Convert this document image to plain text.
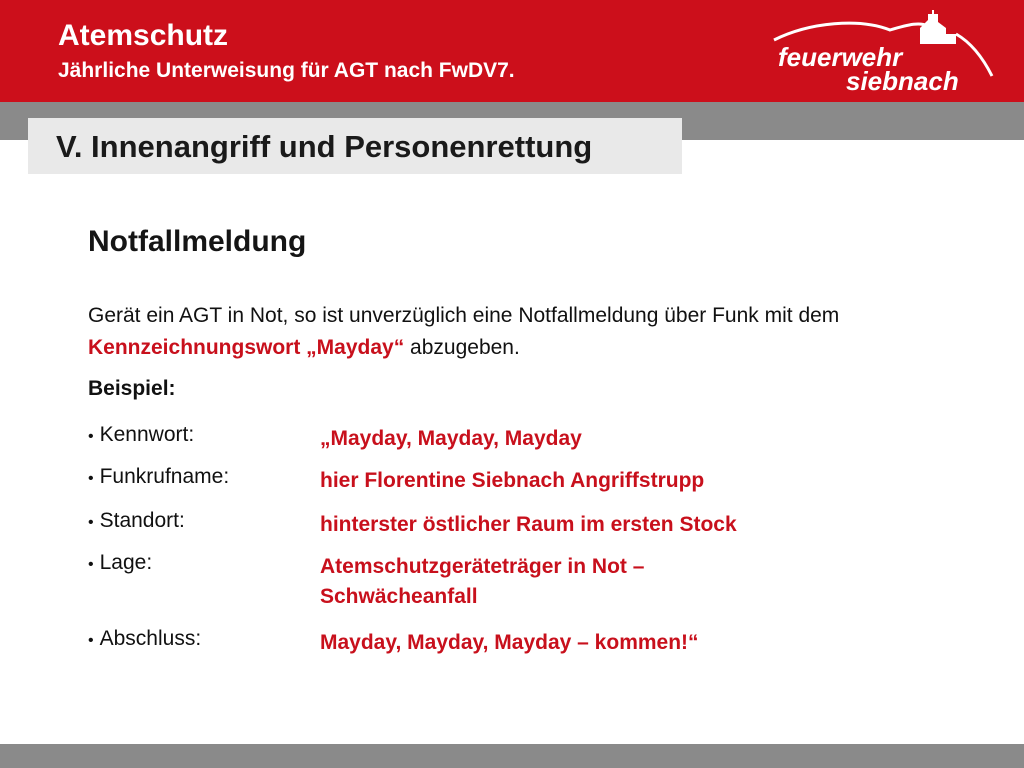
Atemschutz
Jährliche Unterweisung für AGT nach FwDV7.	feuerwehr
siebnach
V. Innenangriff und Personenrettung
Notfallmeldung
Gerät ein AGT in Not, so ist unverzüglich eine Notfallmeldung über Funk mit dem Kennzeichnungswort „Mayday“ abzugeben.
Beispiel:
• Kennwort:	„Mayday, Mayday, Mayday
• Funkrufname:	hier Florentine Siebnach Angriffstrupp
• Standort:	hinterster östlicher Raum im ersten Stock
• Lage:	Atemschutzgeräteträger in Not – Schwächeanfall
• Abschluss:	Mayday, Mayday, Mayday – kommen!“
